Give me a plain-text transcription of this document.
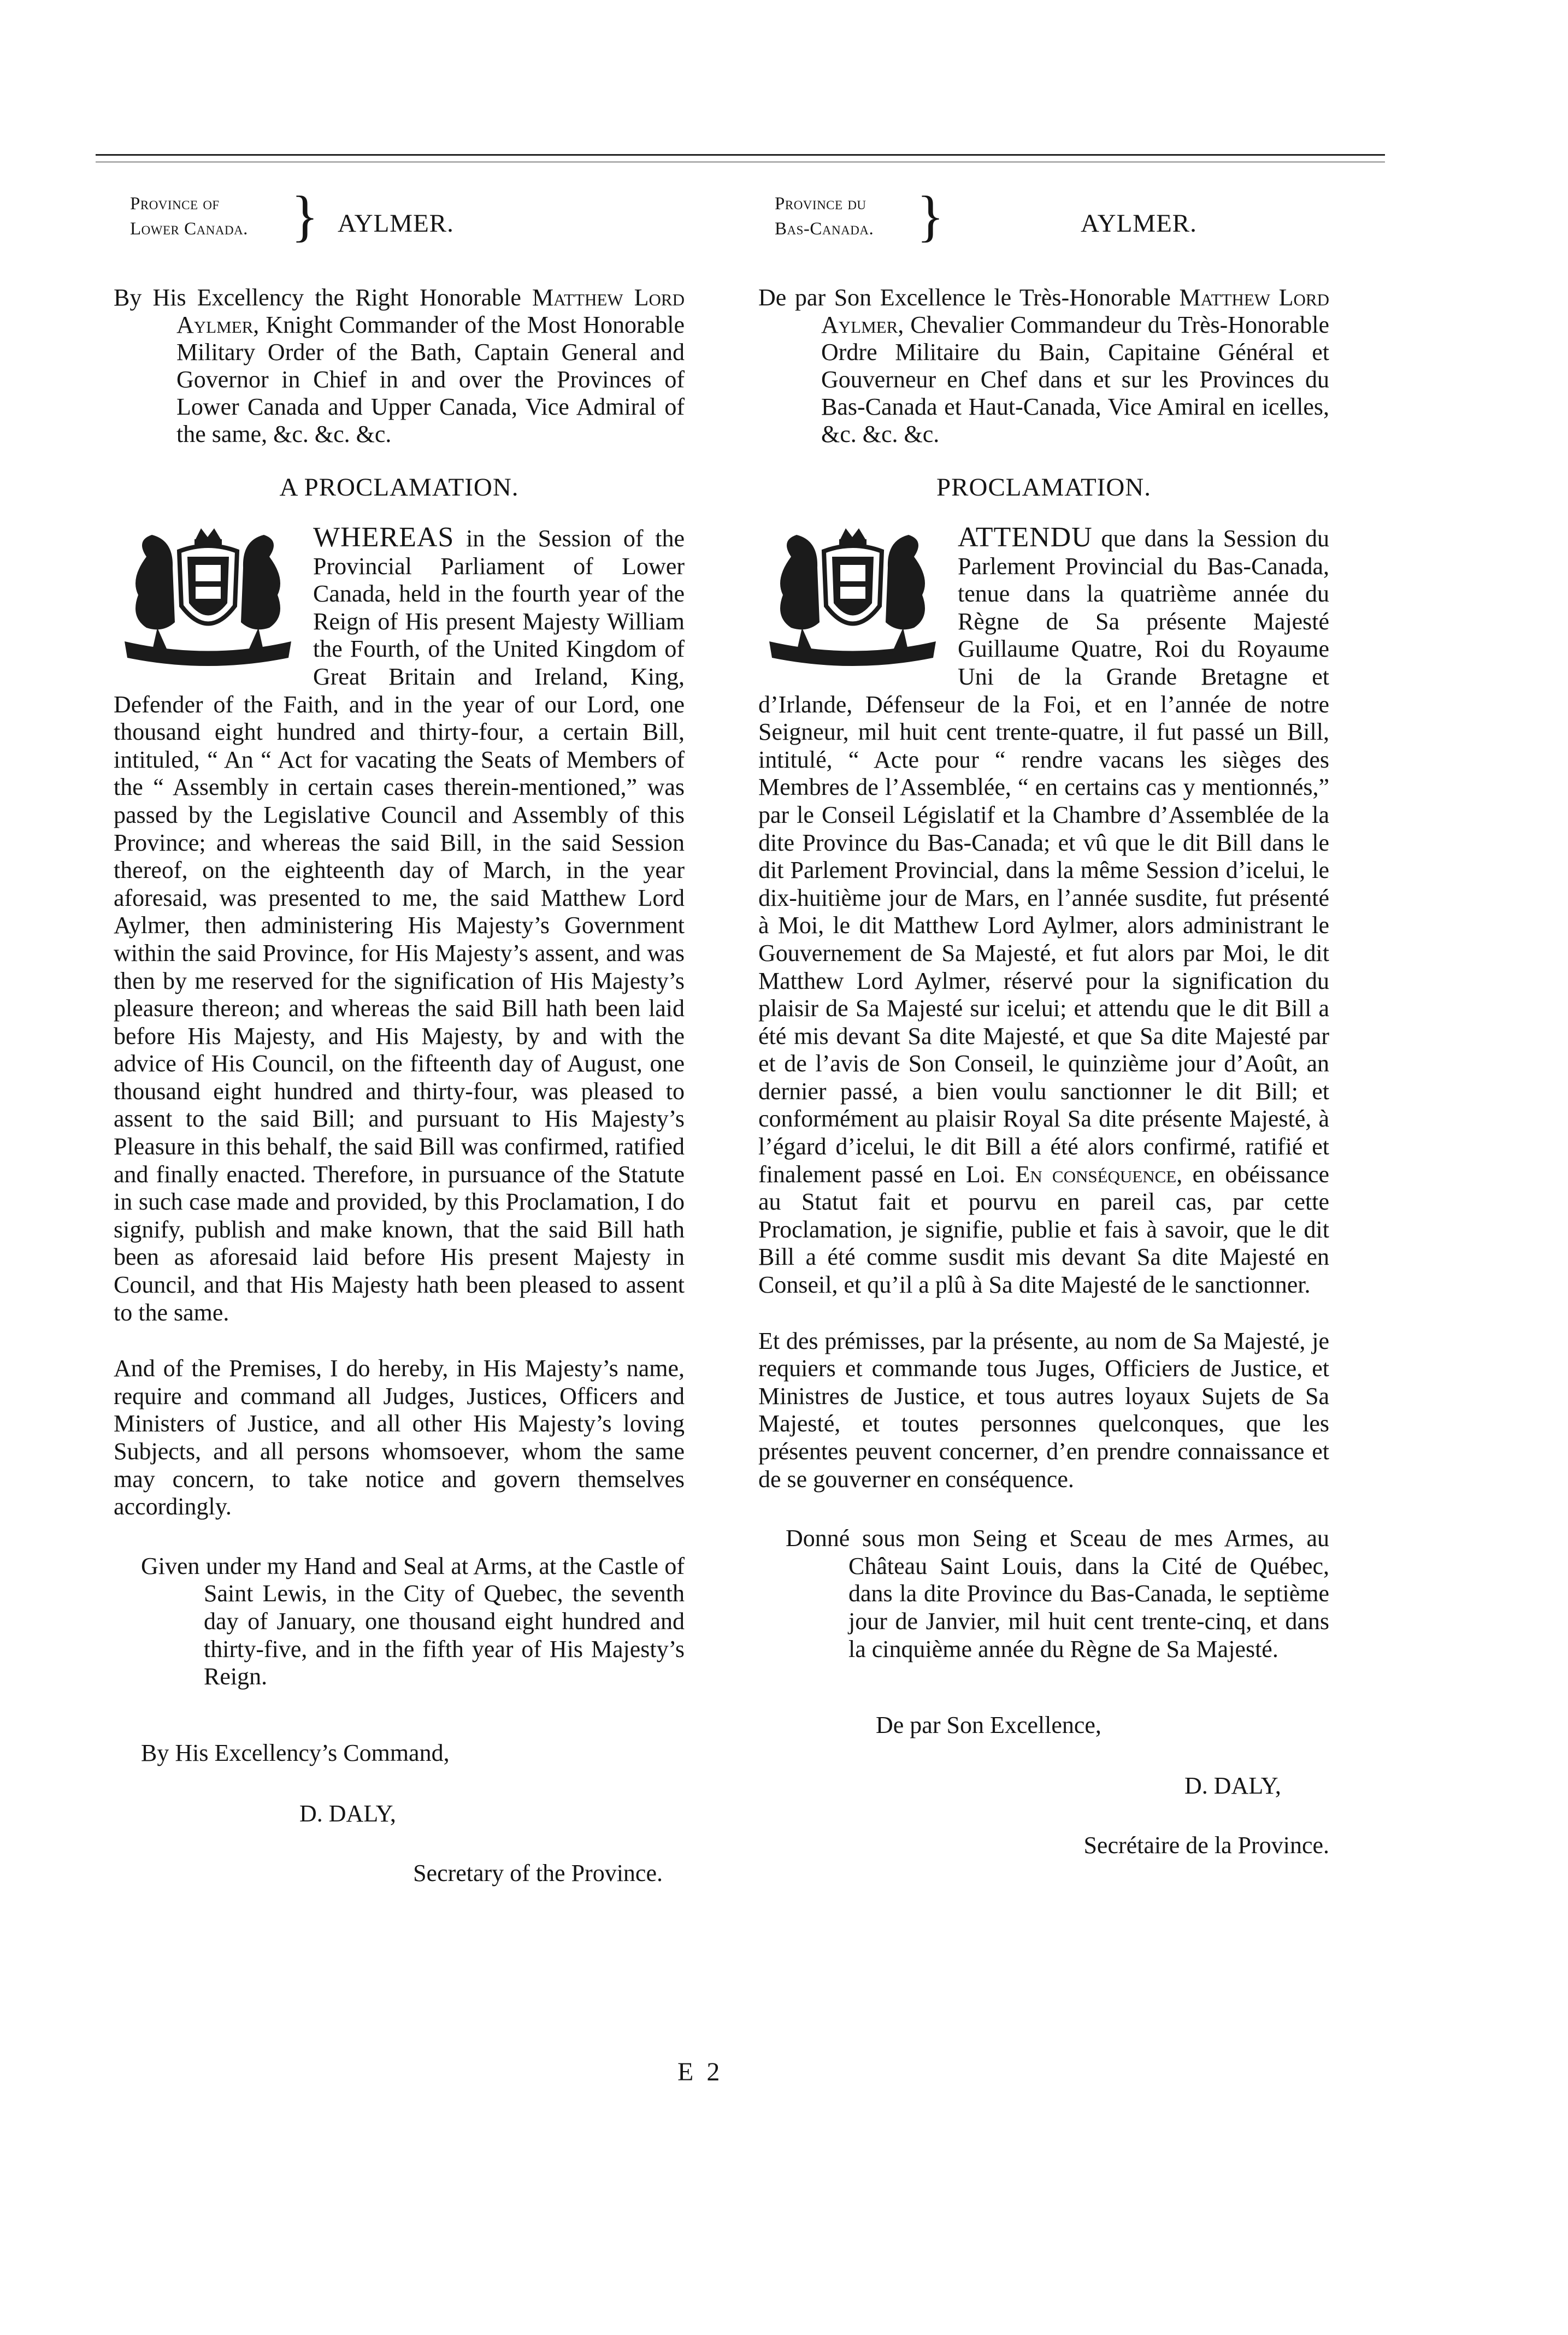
Province of
Lower Canada. } AYLMER.

By His Excellency the Right Honorable Matthew Lord Aylmer, Knight Commander of the Most Honorable Military Order of the Bath, Captain General and Governor in Chief in and over the Provinces of Lower Canada and Upper Canada, Vice Admiral of the same, &c. &c. &c.

A PROCLAMATION.

WHEREAS in the Session of the Provincial Parliament of Lower Canada, held in the fourth year of the Reign of His present Majesty William the Fourth, of the United Kingdom of Great Britain and Ireland, King, Defender of the Faith, and in the year of our Lord, one thousand eight hundred and thirty-four, a certain Bill, intituled, “ An “ Act for vacating the Seats of Members of the “ Assembly in certain cases therein-mentioned,” was passed by the Legislative Council and Assembly of this Province; and whereas the said Bill, in the said Session thereof, on the eighteenth day of March, in the year aforesaid, was presented to me, the said Matthew Lord Aylmer, then administering His Majesty’s Government within the said Province, for His Majesty’s assent, and was then by me reserved for the signification of His Majesty’s pleasure thereon; and whereas the said Bill hath been laid before His Majesty, and His Majesty, by and with the advice of His Council, on the fifteenth day of August, one thousand eight hundred and thirty-four, was pleased to assent to the said Bill; and pursuant to His Majesty’s Pleasure in this behalf, the said Bill was confirmed, ratified and finally enacted. Therefore, in pursuance of the Statute in such case made and provided, by this Proclamation, I do signify, publish and make known, that the said Bill hath been as aforesaid laid before His present Majesty in Council, and that His Majesty hath been pleased to assent to the same.

And of the Premises, I do hereby, in His Majesty’s name, require and command all Judges, Justices, Officers and Ministers of Justice, and all other His Majesty’s loving Subjects, and all persons whomsoever, whom the same may concern, to take notice and govern themselves accordingly.

Given under my Hand and Seal at Arms, at the Castle of Saint Lewis, in the City of Quebec, the seventh day of January, one thousand eight hundred and thirty-five, and in the fifth year of His Majesty’s Reign.

By His Excellency’s Command,
D. DALY,
Secretary of the Province.
Province du
Bas-Canada. }	AYLMER.

De par Son Excellence le Très-Honorable Matthew Lord Aylmer, Chevalier Commandeur du Très-Honorable Ordre Militaire du Bain, Capitaine Général et Gouverneur en Chef dans et sur les Provinces du Bas-Canada et Haut-Canada, Vice Amiral en icelles, &c. &c. &c.

PROCLAMATION.

ATTENDU que dans la Session du Parlement Provincial du Bas-Canada, tenue dans la quatrième année du Règne de Sa présente Majesté Guillaume Quatre, Roi du Royaume Uni de la Grande Bretagne et d’Irlande, Défenseur de la Foi, et en l’année de notre Seigneur, mil huit cent trente-quatre, il fut passé un Bill, intitulé, “ Acte pour “ rendre vacans les sièges des Membres de l’Assemblée, “ en certains cas y mentionnés,” par le Conseil Législatif et la Chambre d’Assemblée de la dite Province du Bas-Canada; et vû que le dit Bill dans le dit Parlement Provincial, dans la même Session d’icelui, le dix-huitième jour de Mars, en l’année susdite, fut présenté à Moi, le dit Matthew Lord Aylmer, alors administrant le Gouvernement de Sa Majesté, et fut alors par Moi, le dit Matthew Lord Aylmer, réservé pour la signification du plaisir de Sa Majesté sur icelui; et attendu que le dit Bill a été mis devant Sa dite Majesté, et que Sa dite Majesté par et de l’avis de Son Conseil, le quinzième jour d’Août, an dernier passé, a bien voulu sanctionner le dit Bill; et conformément au plaisir Royal Sa dite présente Majesté, à l’égard d’icelui, le dit Bill a été alors confirmé, ratifié et finalement passé en Loi. En conséquence, en obéissance au Statut fait et pourvu en pareil cas, par cette Proclamation, je signifie, publie et fais à savoir, que le dit Bill a été comme susdit mis devant Sa dite Majesté en Conseil, et qu’il a plû à Sa dite Majesté de le sanctionner.

Et des prémisses, par la présente, au nom de Sa Majesté, je requiers et commande tous Juges, Officiers de Justice, et Ministres de Justice, et tous autres loyaux Sujets de Sa Majesté, et toutes personnes quelconques, que les présentes peuvent concerner, d’en prendre connaissance et de se gouverner en conséquence.

Donné sous mon Seing et Sceau de mes Armes, au Château Saint Louis, dans la Cité de Québec, dans la dite Province du Bas-Canada, le septième jour de Janvier, mil huit cent trente-cinq, et dans la cinquième année du Règne de Sa Majesté.

De par Son Excellence,
D. DALY,
Secrétaire de la Province.
E 2
